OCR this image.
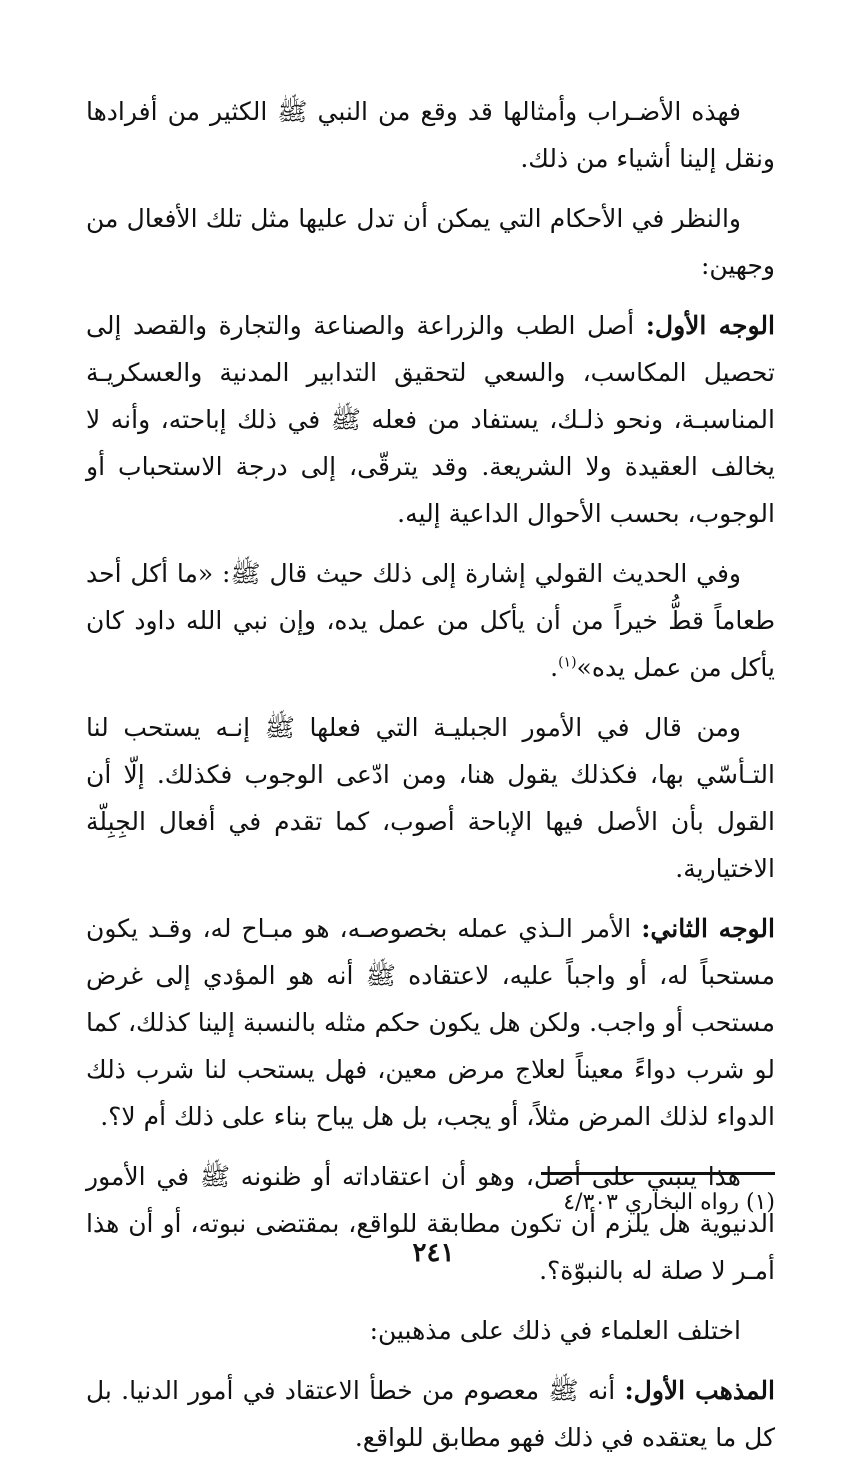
فهذه الأضـراب وأمثالها قد وقع من النبي ﷺ الكثير من أفرادها ونقل إلينا أشياء من ذلك.

والنظر في الأحكام التي يمكن أن تدل عليها مثل تلك الأفعال من وجهين:

الوجه الأول: أصل الطب والزراعة والصناعة والتجارة والقصد إلى تحصيل المكاسب، والسعي لتحقيق التدابير المدنية والعسكريـة المناسبـة، ونحو ذلـك، يستفاد من فعله ﷺ في ذلك إباحته، وأنه لا يخالف العقيدة ولا الشريعة. وقد يترقّى، إلى درجة الاستحباب أو الوجوب، بحسب الأحوال الداعية إليه.

وفي الحديث القولي إشارة إلى ذلك حيث قال ﷺ: «ما أكل أحد طعاماً قطُّ خيراً من أن يأكل من عمل يده، وإن نبي الله داود كان يأكل من عمل يده»$^{(١)}$.

ومن قال في الأمور الجبليـة التي فعلها ﷺ إنـه يستحب لنا التـأسّي بها، فكذلك يقول هنا، ومن ادّعى الوجوب فكذلك. إلّا أن القول بأن الأصل فيها الإباحة أصوب، كما تقدم في أفعال الجِبِلّة الاختيارية.

الوجه الثاني: الأمر الـذي عمله بخصوصـه، هو مبـاح له، وقـد يكون مستحباً له، أو واجباً عليه، لاعتقاده ﷺ أنه هو المؤدي إلى غرض مستحب أو واجب. ولكن هل يكون حكم مثله بالنسبة إلينا كذلك، كما لو شرب دواءً معيناً لعلاج مرض معين، فهل يستحب لنا شرب ذلك الدواء لذلك المرض مثلاً، أو يجب، بل هل يباح بناء على ذلك أم لا؟.

هذا ينبني على أصل، وهو أن اعتقاداته أو ظنونه ﷺ في الأمور الدنيوية هل يلزم أن تكون مطابقة للواقع، بمقتضى نبوته، أو أن هذا أمـر لا صلة له بالنبوّة؟.

اختلف العلماء في ذلك على مذهبين:

المذهب الأول: أنه ﷺ معصوم من خطأ الاعتقاد في أمور الدنيا. بل كل ما يعتقده في ذلك فهو مطابق للواقع.

(١) رواه البخاري ٤/٣٠٣
٢٤١
